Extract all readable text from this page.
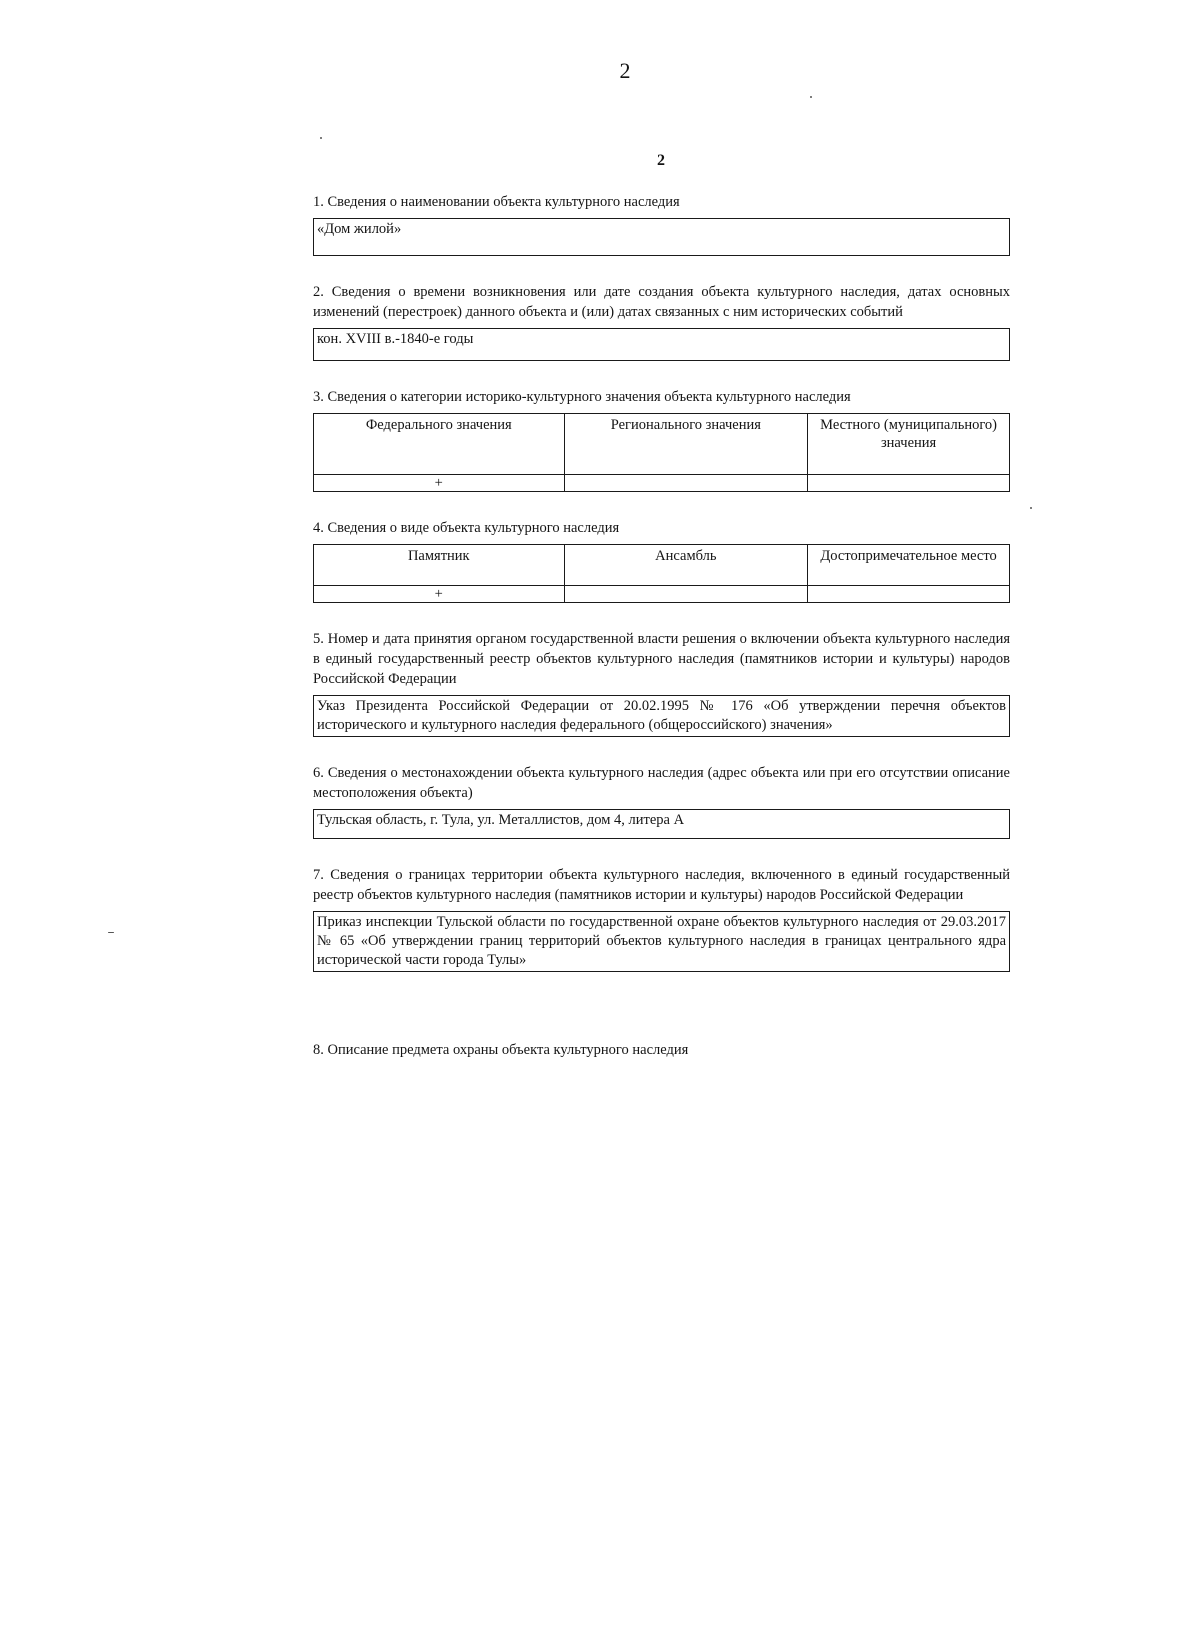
2
2

1. Сведения о наименовании объекта культурного наследия

«Дом жилой»

2. Сведения о времени возникновения или дате создания объекта культурного наследия, датах основных изменений (перестроек) данного объекта и (или) датах связанных с ним исторических событий

кон. XVIII в.-1840-е годы

3. Сведения о категории историко-культурного значения объекта культурного наследия

Федерального значения	Регионального значения	Местного (муниципального) значения
+		

4. Сведения о виде объекта культурного наследия

Памятник	Ансамбль	Достопримечательное место
+		

5. Номер и дата принятия органом государственной власти решения о включении объекта культурного наследия в единый государственный реестр объектов культурного наследия (памятников истории и культуры) народов Российской Федерации

Указ Президента Российской Федерации от 20.02.1995 № 176 «Об утверждении перечня объектов исторического и культурного наследия федерального (общероссийского) значения»

6. Сведения о местонахождении объекта культурного наследия (адрес объекта или при его отсутствии описание местоположения объекта)

Тульская область, г. Тула, ул. Металлистов, дом 4, литера А

7. Сведения о границах территории объекта культурного наследия, включенного в единый государственный реестр объектов культурного наследия (памятников истории и культуры) народов Российской Федерации

Приказ инспекции Тульской области по государственной охране объектов культурного наследия от 29.03.2017 № 65 «Об утверждении границ территорий объектов культурного наследия в границах центрального ядра исторической части города Тулы»

8. Описание предмета охраны объекта культурного наследия
